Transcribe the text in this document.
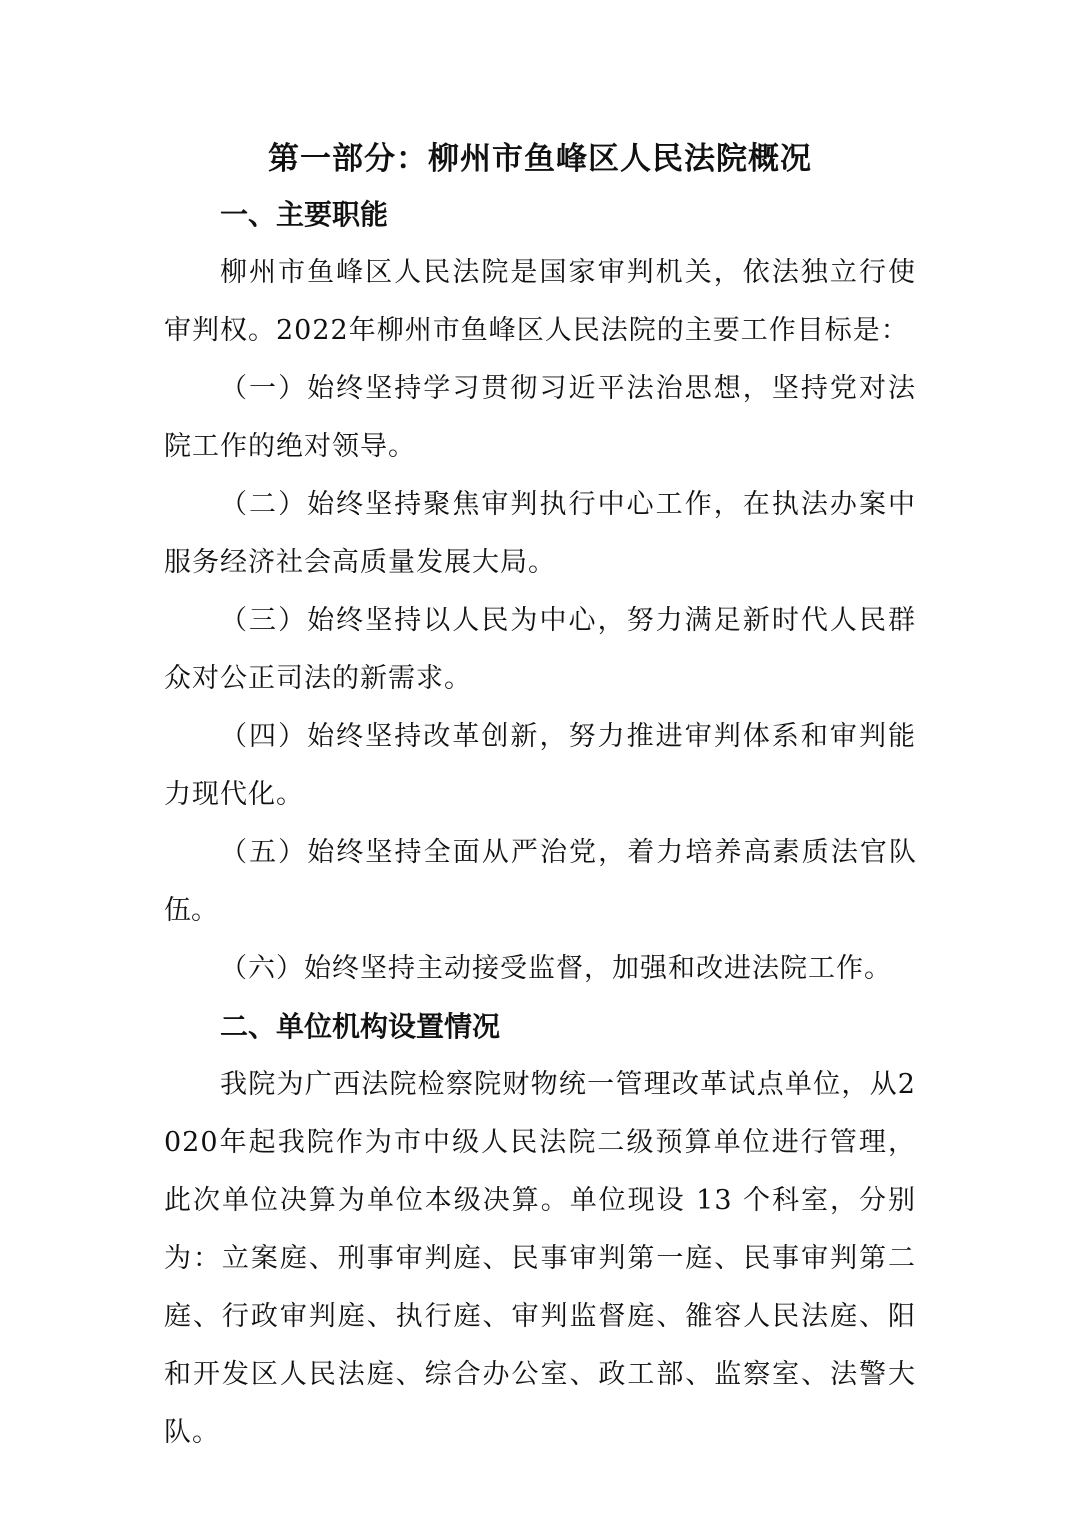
第一部分：柳州市鱼峰区人民法院概况
一、主要职能

柳州市鱼峰区人民法院是国家审判机关，依法独立行使审判权。2022年柳州市鱼峰区人民法院的主要工作目标是：

（一）始终坚持学习贯彻习近平法治思想，坚持党对法院工作的绝对领导。

（二）始终坚持聚焦审判执行中心工作，在执法办案中服务经济社会高质量发展大局。

（三）始终坚持以人民为中心，努力满足新时代人民群众对公正司法的新需求。

（四）始终坚持改革创新，努力推进审判体系和审判能力现代化。

（五）始终坚持全面从严治党，着力培养高素质法官队伍。

（六）始终坚持主动接受监督，加强和改进法院工作。

二、单位机构设置情况

我院为广西法院检察院财物统一管理改革试点单位，从2020年起我院作为市中级人民法院二级预算单位进行管理，此次单位决算为单位本级决算。单位现设 13 个科室，分别为：立案庭、刑事审判庭、民事审判第一庭、民事审判第二庭、行政审判庭、执行庭、审判监督庭、雒容人民法庭、阳和开发区人民法庭、综合办公室、政工部、监察室、法警大队。
